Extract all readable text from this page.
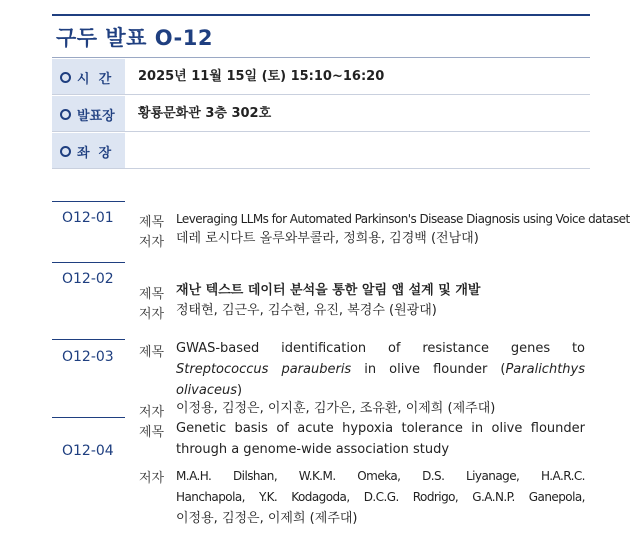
구두 발표 O-12
시  간 2025년 11월 15일 (토) 15:10~16:20
발표장 황룡문화관 3층 302호
좌  장
O12-01 제목 Leveraging LLMs for Automated Parkinson's Disease Diagnosis using Voice dataset
저자 데레 로시다트 올루와부콜라, 정희용, 김경백 (전남대)
O12-02
제목 재난 텍스트 데이터 분석을 통한 알림 앱 설계 및 개발
저자 정태현, 김근우, 김수현, 유진, 복경수 (원광대)
O12-03 제목 GWAS-based identification of resistance genes to Streptococcus parauberis in olive flounder (Paralichthys olivaceus)
저자 이정용, 김정은, 이지훈, 김가은, 조유환, 이제희 (제주대)
O12-04
제목 Genetic basis of acute hypoxia tolerance in olive flounder through a genome-wide association study
저자 M.A.H. Dilshan, W.K.M. Omeka, D.S. Liyanage, H.A.R.C.
Hanchapola, Y.K. Kodagoda, D.C.G. Rodrigo, G.A.N.P. Ganepola,
이정용, 김정은, 이제희 (제주대)
